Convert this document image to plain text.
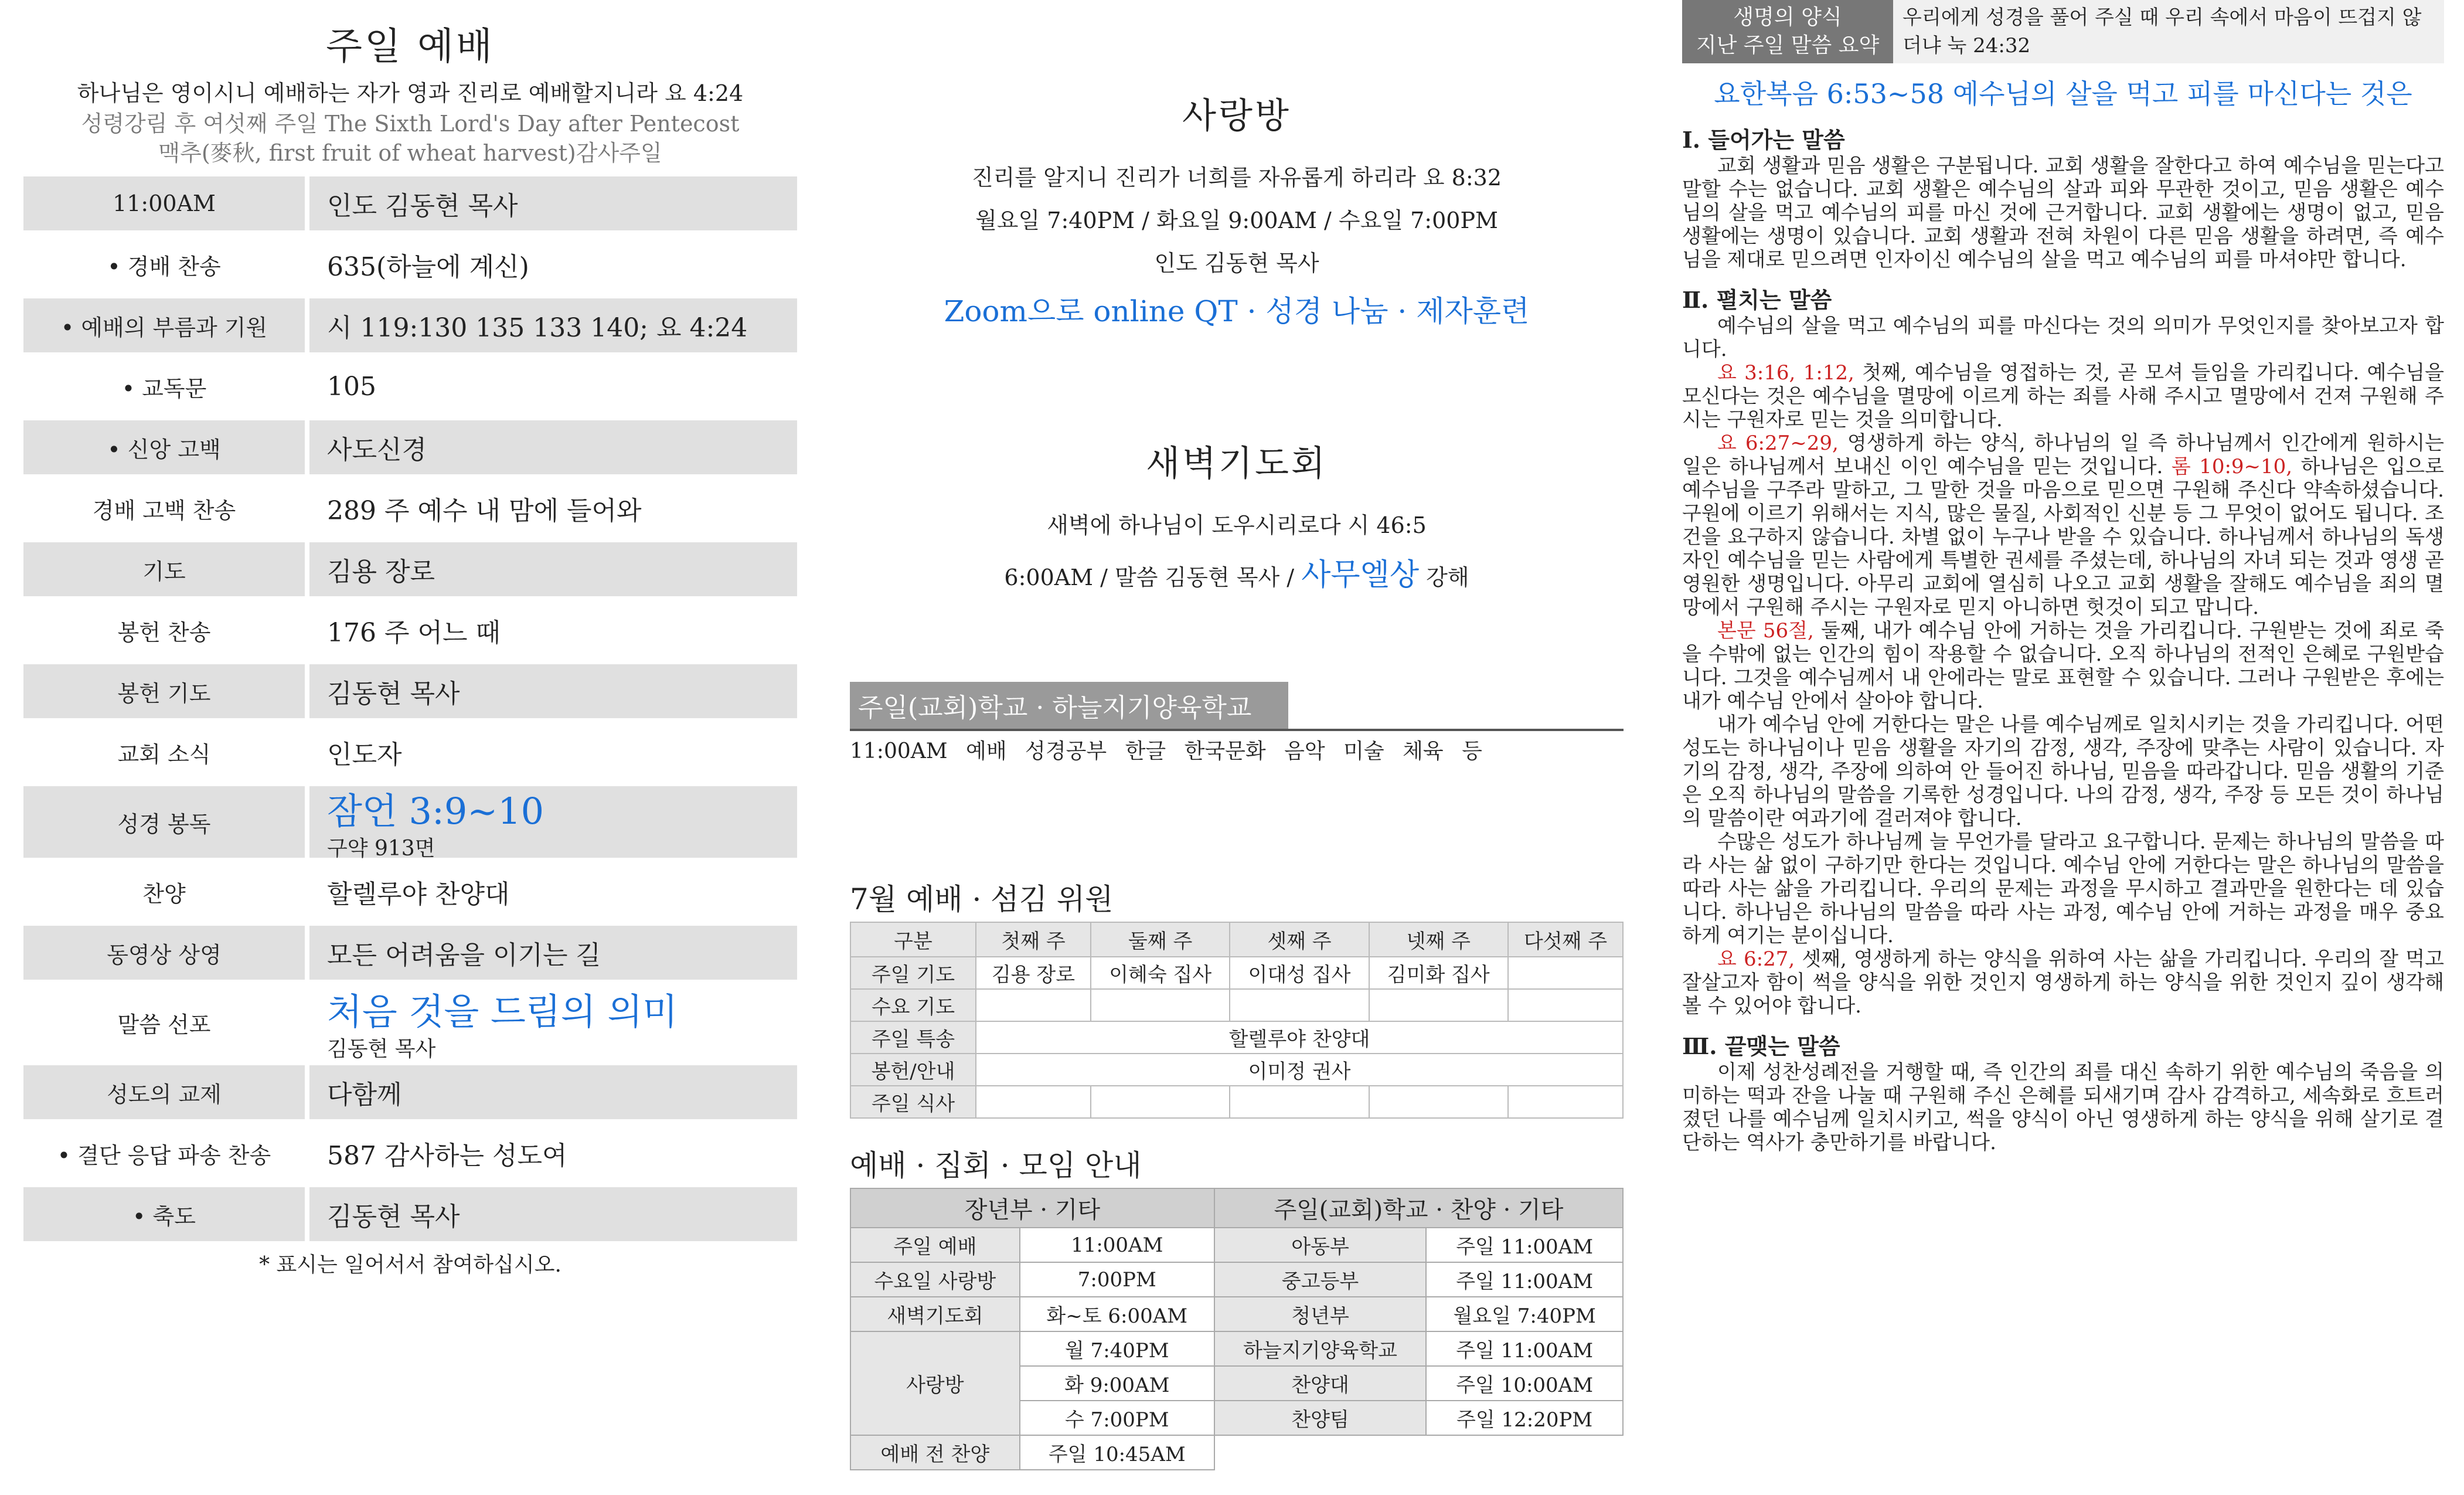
주일 예배
하나님은 영이시니 예배하는 자가 영과 진리로 예배할지니라 요 4:24
성령강림 후 여섯째 주일 The Sixth Lord's Day after Pentecost
맥추(麥秋, first fruit of wheat harvest)감사주일
11:00AM	인도 김동현 목사
• 경배 찬송	635(하늘에 계신)
• 예배의 부름과 기원	시 119:130 135 133 140; 요 4:24
• 교독문	105
• 신앙 고백	사도신경
경배 고백 찬송	289 주 예수 내 맘에 들어와
기도	김용 장로
봉헌 찬송	176 주 어느 때
봉헌 기도	김동현 목사
교회 소식	인도자
성경 봉독	잠언 3:9~10
구약 913면
찬양	할렐루야 찬양대
동영상 상영	모든 어려움을 이기는 길
말씀 선포	처음 것을 드림의 의미
김동현 목사
성도의 교제	다함께
• 결단 응답 파송 찬송	587 감사하는 성도여
• 축도	김동현 목사
* 표시는 일어서서 참여하십시오.
사랑방
진리를 알지니 진리가 너희를 자유롭게 하리라 요 8:32
월요일 7:40PM / 화요일 9:00AM / 수요일 7:00PM
인도 김동현 목사
Zoom으로 online QT · 성경 나눔 · 제자훈련
새벽기도회
새벽에 하나님이 도우시리로다 시 46:5
6:00AM / 말씀 김동현 목사 / 사무엘상 강해
주일(교회)학교 · 하늘지기양육학교
11:00AM 예배 성경공부 한글 한국문화 음악 미술 체육 등
7월 예배 · 섬김 위원
구분	첫째 주	둘째 주	셋째 주	넷째 주	다섯째 주
주일 기도	김용 장로	이혜숙 집사	이대성 집사	김미화 집사	
수요 기도					
주일 특송	할렐루야 찬양대				
봉헌/안내	이미정 권사				
주일 식사					
예배 · 집회 · 모임 안내
장년부 · 기타		주일(교회)학교 · 찬양 · 기타	
주일 예배	11:00AM	아동부	주일 11:00AM
수요일 사랑방	7:00PM	중고등부	주일 11:00AM
새벽기도회	화~토 6:00AM	청년부	월요일 7:40PM
사랑방	월 7:40PM	하늘지기양육학교	주일 11:00AM
	화 9:00AM	찬양대	주일 10:00AM
	수 7:00PM	찬양팀	주일 12:20PM
예배 전 찬양	주일 10:45AM		
생명의 양식
지난 주일 말씀 요약
우리에게 성경을 풀어 주실 때 우리 속에서 마음이 뜨겁지 않더냐 눅 24:32
요한복음 6:53~58 예수님의 살을 먹고 피를 마신다는 것은
Ⅰ. 들어가는 말씀

교회 생활과 믿음 생활은 구분됩니다. 교회 생활을 잘한다고 하여 예수님을 믿는다고 말할 수는 없습니다. 교회 생활은 예수님의 살과 피와 무관한 것이고, 믿음 생활은 예수님의 살을 먹고 예수님의 피를 마신 것에 근거합니다. 교회 생활에는 생명이 없고, 믿음 생활에는 생명이 있습니다. 교회 생활과 전혀 차원이 다른 믿음 생활을 하려면, 즉 예수님을 제대로 믿으려면 인자이신 예수님의 살을 먹고 예수님의 피를 마셔야만 합니다.

Ⅱ. 펼치는 말씀

예수님의 살을 먹고 예수님의 피를 마신다는 것의 의미가 무엇인지를 찾아보고자 합니다.

요 3:16, 1:12, 첫째, 예수님을 영접하는 것, 곧 모셔 들임을 가리킵니다. 예수님을 모신다는 것은 예수님을 멸망에 이르게 하는 죄를 사해 주시고 멸망에서 건져 구원해 주시는 구원자로 믿는 것을 의미합니다.

요 6:27~29, 영생하게 하는 양식, 하나님의 일 즉 하나님께서 인간에게 원하시는 일은 하나님께서 보내신 이인 예수님을 믿는 것입니다. 롬 10:9~10, 하나님은 입으로 예수님을 구주라 말하고, 그 말한 것을 마음으로 믿으면 구원해 주신다 약속하셨습니다. 구원에 이르기 위해서는 지식, 많은 물질, 사회적인 신분 등 그 무엇이 없어도 됩니다. 조건을 요구하지 않습니다. 차별 없이 누구나 받을 수 있습니다. 하나님께서 하나님의 독생자인 예수님을 믿는 사람에게 특별한 권세를 주셨는데, 하나님의 자녀 되는 것과 영생 곧 영원한 생명입니다. 아무리 교회에 열심히 나오고 교회 생활을 잘해도 예수님을 죄의 멸망에서 구원해 주시는 구원자로 믿지 아니하면 헛것이 되고 맙니다.

본문 56절, 둘째, 내가 예수님 안에 거하는 것을 가리킵니다. 구원받는 것에 죄로 죽을 수밖에 없는 인간의 힘이 작용할 수 없습니다. 오직 하나님의 전적인 은혜로 구원받습니다. 그것을 예수님께서 내 안에라는 말로 표현할 수 있습니다. 그러나 구원받은 후에는 내가 예수님 안에서 살아야 합니다.

내가 예수님 안에 거한다는 말은 나를 예수님께로 일치시키는 것을 가리킵니다. 어떤 성도는 하나님이나 믿음 생활을 자기의 감정, 생각, 주장에 맞추는 사람이 있습니다. 자기의 감정, 생각, 주장에 의하여 안 들어진 하나님, 믿음을 따라갑니다. 믿음 생활의 기준은 오직 하나님의 말씀을 기록한 성경입니다. 나의 감정, 생각, 주장 등 모든 것이 하나님의 말씀이란 여과기에 걸러져야 합니다.

수많은 성도가 하나님께 늘 무언가를 달라고 요구합니다. 문제는 하나님의 말씀을 따라 사는 삶 없이 구하기만 한다는 것입니다. 예수님 안에 거한다는 말은 하나님의 말씀을 따라 사는 삶을 가리킵니다. 우리의 문제는 과정을 무시하고 결과만을 원한다는 데 있습니다. 하나님은 하나님의 말씀을 따라 사는 과정, 예수님 안에 거하는 과정을 매우 중요하게 여기는 분이십니다.

요 6:27, 셋째, 영생하게 하는 양식을 위하여 사는 삶을 가리킵니다. 우리의 잘 먹고 잘살고자 함이 썩을 양식을 위한 것인지 영생하게 하는 양식을 위한 것인지 깊이 생각해볼 수 있어야 합니다.

Ⅲ. 끝맺는 말씀

이제 성찬성례전을 거행할 때, 즉 인간의 죄를 대신 속하기 위한 예수님의 죽음을 의미하는 떡과 잔을 나눌 때 구원해 주신 은혜를 되새기며 감사 감격하고, 세속화로 흐트러졌던 나를 예수님께 일치시키고, 썩을 양식이 아닌 영생하게 하는 양식을 위해 살기로 결단하는 역사가 충만하기를 바랍니다.
